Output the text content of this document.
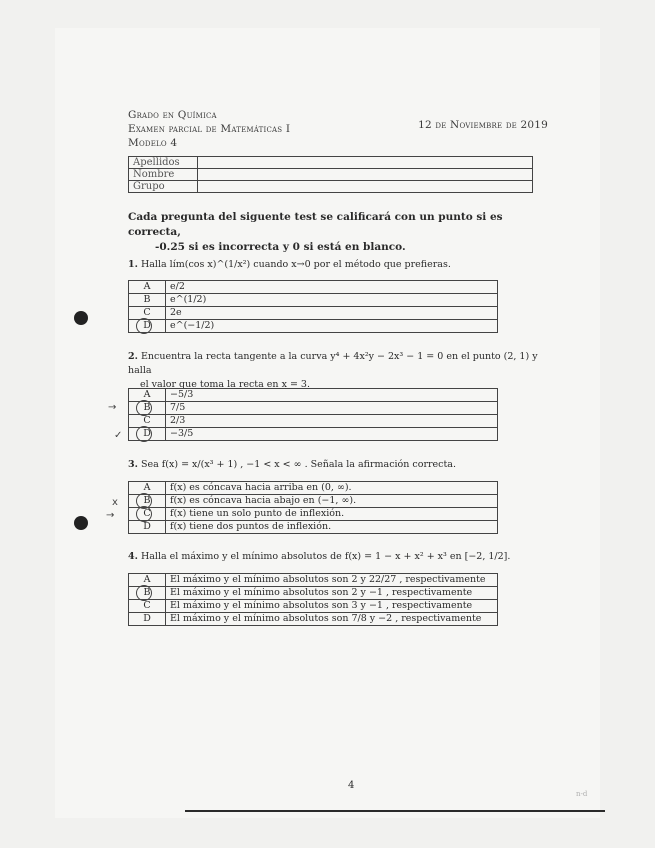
Grado en Química
Examen parcial de Matemáticas I
Modelo 4
12 de Noviembre de 2019
Apellidos	
Nombre	
Grupo	
Cada pregunta del siguente test se calificará con un punto si es correcta,
-0.25 si es incorrecta y 0 si está en blanco.
1. Halla lím(cos x)^(1/x²) cuando x→0 por el método que prefieras.
A	e/2
B	e^(1/2)
C	2e

D	e^(−1/2)
2. Encuentra la recta tangente a la curva y⁴ + 4x²y − 2x³ − 1 = 0 en el punto (2, 1) y halla
el valor que toma la recta en x = 3.
A	−5/3

B	7/5
C	2/3

D	−3/5
→
✓
3. Sea f(x) = x/(x³ + 1) , −1 < x < ∞ . Señala la afirmación correcta.
A	f(x) es cóncava hacia arriba en (0, ∞).

B	f(x) es cóncava hacia abajo en (−1, ∞).

C	f(x) tiene un solo punto de inflexión.
D	f(x) tiene dos puntos de inflexión.
x
→
4. Halla el máximo y el mínimo absolutos de f(x) = 1 − x + x² + x³ en [−2, 1/2].
A	El máximo y el mínimo absolutos son 2 y 22/27 , respectivamente

B	El máximo y el mínimo absolutos son 2 y −1 , respectivamente
C	El máximo y el mínimo absolutos son 3 y −1 , respectivamente
D	El máximo y el mínimo absolutos son 7/8 y −2 , respectivamente
4
n-d
